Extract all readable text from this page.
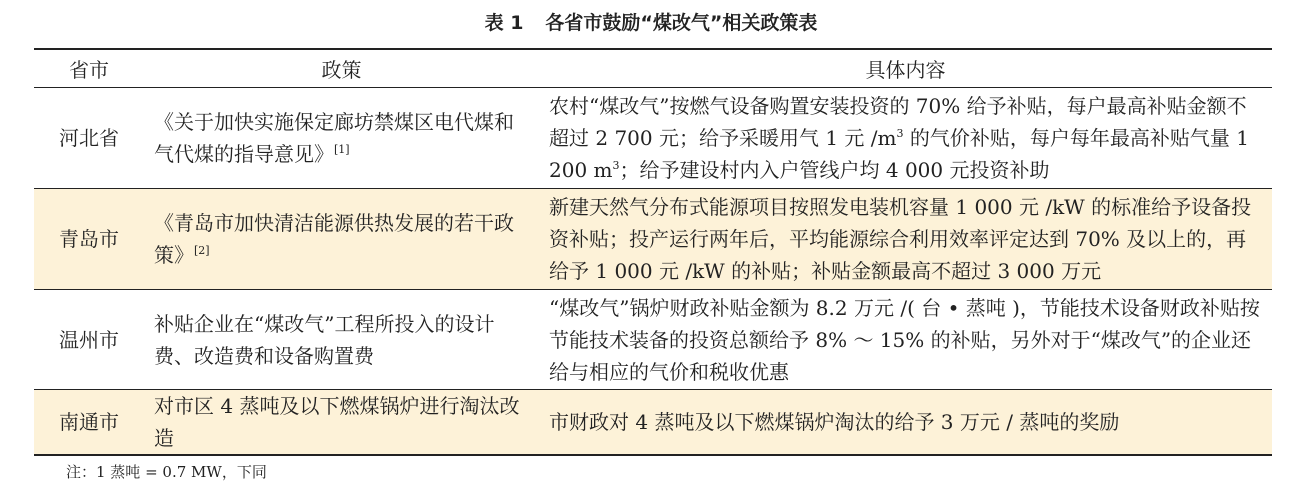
表 1 各省市鼓励“煤改气”相关政策表
省市	政策	具体内容
河北省	《关于加快实施保定廊坊禁煤区电代煤和气代煤的指导意见》[1]	农村“煤改气”按燃气设备购置安装投资的 70% 给予补贴，每户最高补贴金额不超过 2 700 元；给予采暖用气 1 元 $/m^3$ 的气价补贴，每户每年最高补贴气量 1 200 $m^3$；给予建设村内入户管线户均 4 000 元投资补助
青岛市	《青岛市加快清洁能源供热发展的若干政策》[2]	新建天然气分布式能源项目按照发电装机容量 1 000 元 /kW 的标准给予设备投资补贴；投产运行两年后，平均能源综合利用效率评定达到 70% 及以上的，再给予 1 000 元 /kW 的补贴；补贴金额最高不超过 3 000 万元
温州市	补贴企业在“煤改气”工程所投入的设计费、改造费和设备购置费	“煤改气”锅炉财政补贴金额为 8.2 万元 /( 台 • 蒸吨 )，节能技术设备财政补贴按节能技术装备的投资总额给予 8% ～ 15% 的补贴，另外对于“煤改气”的企业还给与相应的气价和税收优惠
南通市	对市区 4 蒸吨及以下燃煤锅炉进行淘汰改造	市财政对 4 蒸吨及以下燃煤锅炉淘汰的给予 3 万元 / 蒸吨的奖励
注：1 蒸吨 = 0.7 MW，下同
